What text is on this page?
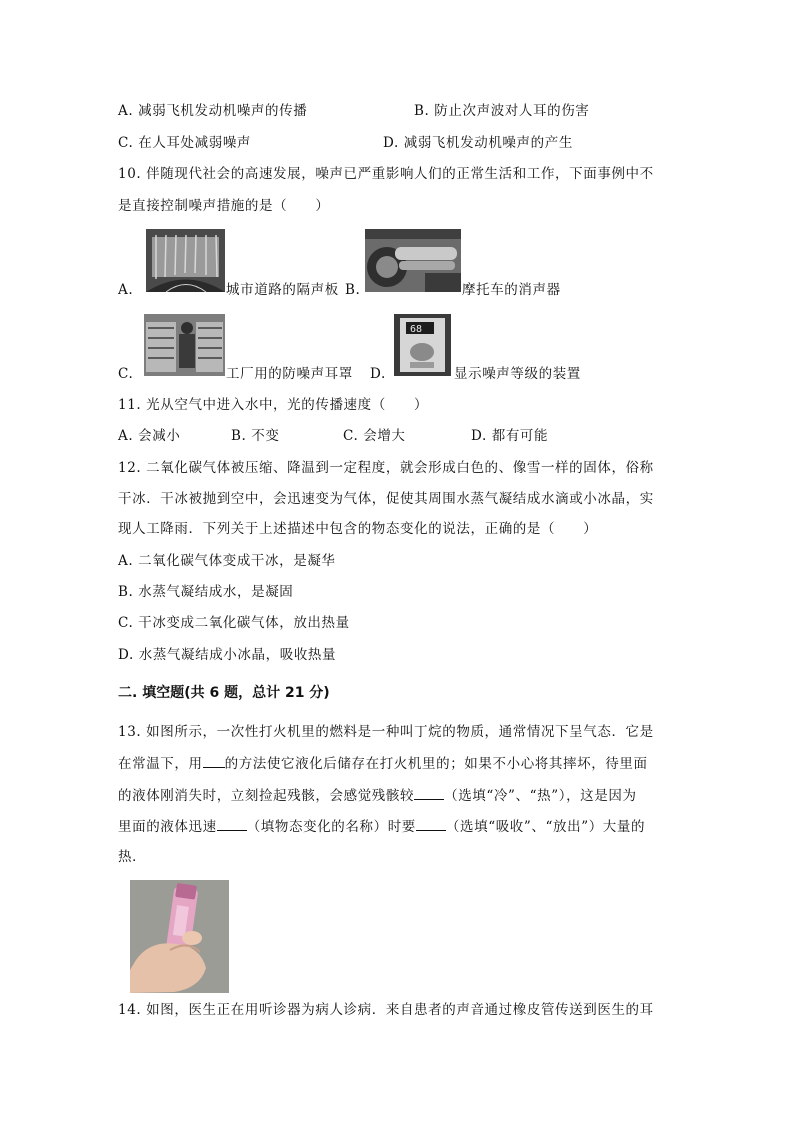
A. 减弱飞机发动机噪声的传播	B. 防止次声波对人耳的伤害
C. 在人耳处减弱噪声	D. 减弱飞机发动机噪声的产生
10. 伴随现代社会的高速发展，噪声已严重影响人们的正常生活和工作，下面事例中不
是直接控制噪声措施的是（　　）
A.	城市道路的隔声板 B.	摩托车的消声器
C.	工厂用的防噪声耳罩 D.
68
显示噪声等级的装置
11. 光从空气中进入水中，光的传播速度（　　）
A. 会减小	B. 不变	C. 会增大	D. 都有可能
12. 二氧化碳气体被压缩、降温到一定程度，就会形成白色的、像雪一样的固体，俗称
干冰．干冰被抛到空中，会迅速变为气体，促使其周围水蒸气凝结成水滴或小冰晶，实
现人工降雨．下列关于上述描述中包含的物态变化的说法，正确的是（　　）
A. 二氧化碳气体变成干冰，是凝华
B. 水蒸气凝结成水，是凝固
C. 干冰变成二氧化碳气体，放出热量
D. 水蒸气凝结成小冰晶，吸收热量
二. 填空题(共 6 题，总计 21 分)
13. 如图所示，一次性打火机里的燃料是一种叫丁烷的物质，通常情况下呈气态．它是
在常温下，用 的方法使它液化后储存在打火机里的；如果不小心将其摔坏，待里面
的液体刚消失时，立刻捡起残骸，会感觉残骸较 （选填“冷”、“热”），这是因为
里面的液体迅速 （填物态变化的名称）时要 （选填“吸收”、“放出”）大量的
热．
14. 如图，医生正在用听诊器为病人诊病．来自患者的声音通过橡皮管传送到医生的耳
